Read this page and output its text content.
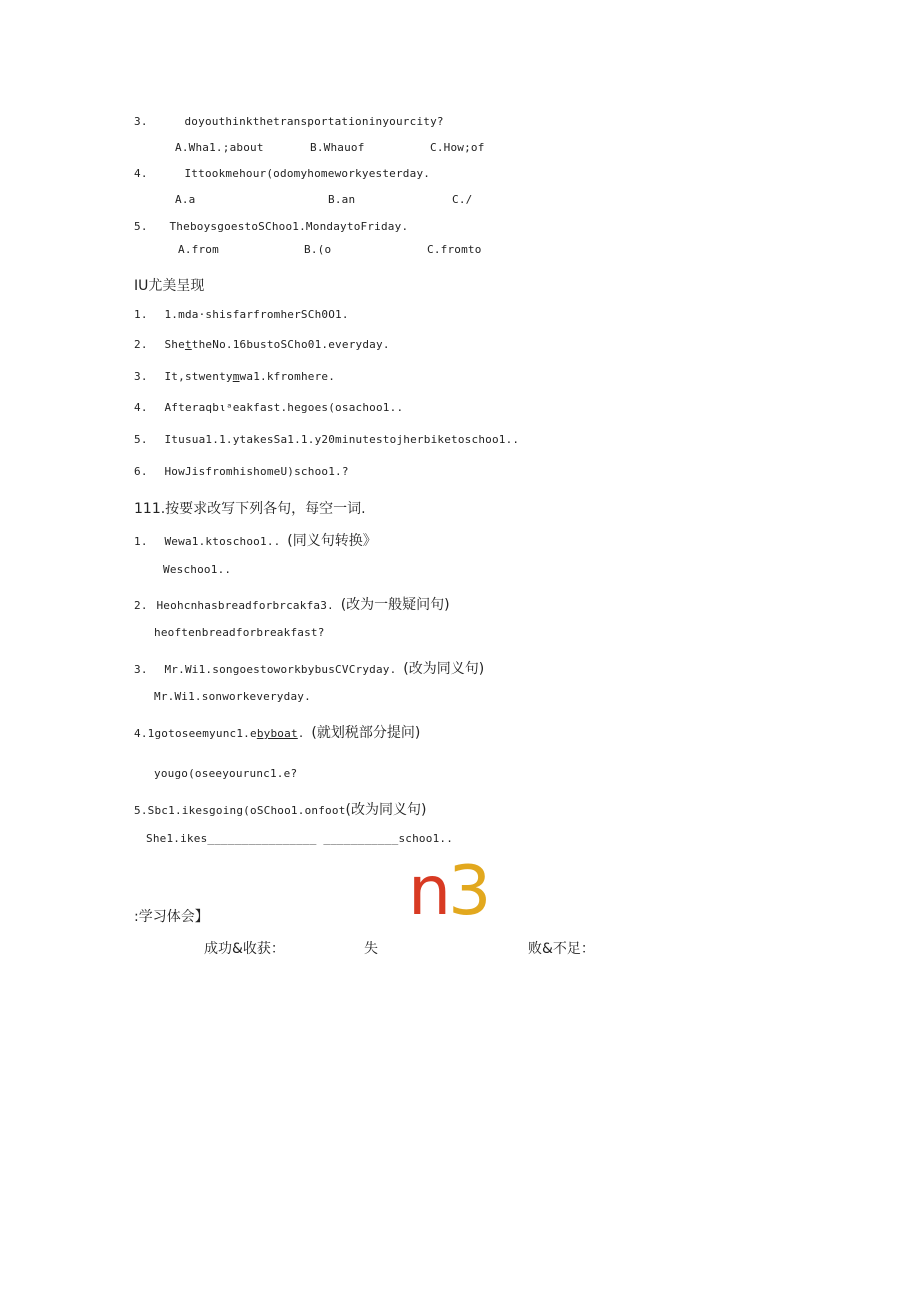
3.	doyouthinkthetransportationinyourcity?
A.Wha1.;about	B.Whauof	C.How;of
4.	Ittookmehour(odomyhomeworkyesterday.
A.a	B.an	C./
5. TheboysgoestoSChoo1.MondaytoFriday.
A.from	B.(o	C.fromto
IU尤美呈现
1. 1.mda·shisfarfromherSCh0O1.
2. ShettheNo.16bustoSCho01.everyday.
3. It,stwentymwa1.kfromhere.
4. Afteraqbιᵃeakfast.hegoes(osachoo1..
5. Itusua1.1.ytakesSa1.1.y20minutestojherbiketoschoo1..
6. HowJisfromhishomeU)schoo1.?
111.按要求改写下列各句，每空一词.
1. Wewa1.ktoschoo1.. (同义句转换》
Weschoo1..
2. Heohcnhasbreadforbrcakfa3. (改为一般疑问句)
heoftenbreadforbreakfast?
3. Mr.Wi1.songoestoworkbybusCVCryday. (改为同义句)
Mr.Wi1.sonworkeveryday.
4.1gotoseemyunc1.ebyboat. (就划税部分提问)
yougo(oseeyourunc1.e?
5.Sbc1.ikesgoing(oSChoo1.onfoot(改为同义句)
She1.ikes________________ ___________schoo1..
n3
:学习体会】
成功&收获：	失	败&不足：
